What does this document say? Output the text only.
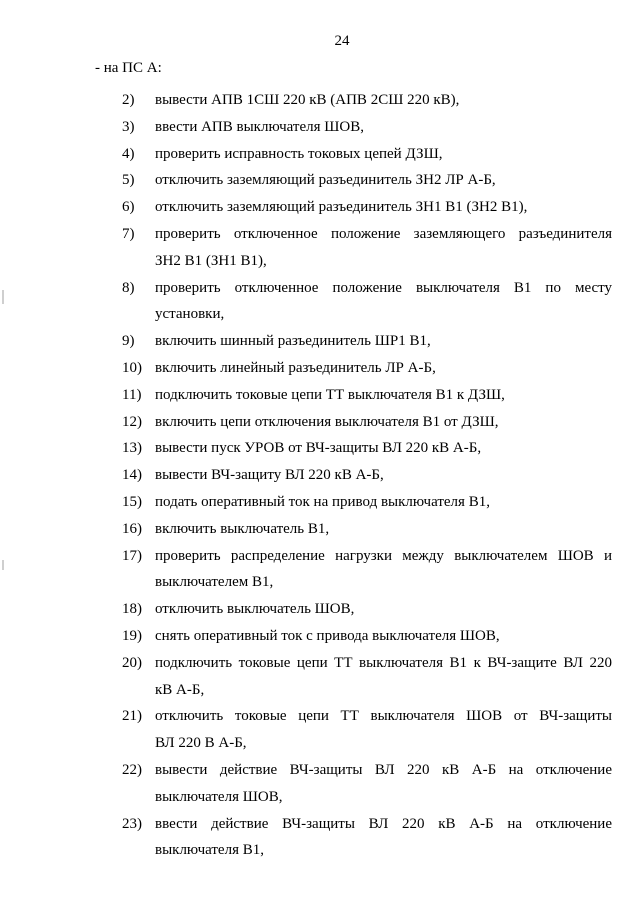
24
- на ПС А:
2)	вывести АПВ 1СШ 220 кВ (АПВ 2СШ 220 кВ),
3)	ввести АПВ выключателя ШОВ,
4)	проверить исправность токовых цепей ДЗШ,
5)	отключить заземляющий разъединитель ЗН2 ЛР А-Б,
6)	отключить заземляющий разъединитель ЗН1 В1 (ЗН2 В1),
7)	проверить отключенное положение заземляющего разъединителя
ЗН2 В1 (ЗН1 В1),
8)	проверить отключенное положение выключателя В1 по месту
установки,
9)	включить шинный разъединитель ШР1 В1,
10) включить линейный разъединитель ЛР А-Б,
11) подключить токовые цепи ТТ выключателя В1 к ДЗШ,
12) включить цепи отключения выключателя В1 от ДЗШ,
13) вывести пуск УРОВ от ВЧ-защиты ВЛ 220 кВ А-Б,
14) вывести ВЧ-защиту ВЛ 220 кВ А-Б,
15) подать оперативный ток на привод выключателя В1,
16) включить выключатель В1,
17) проверить распределение нагрузки между выключателем ШОВ и
выключателем В1,
18) отключить выключатель ШОВ,
19) снять оперативный ток с привода выключателя ШОВ,
20) подключить токовые цепи ТТ выключателя В1 к ВЧ-защите ВЛ 220
кВ А-Б,
21) отключить токовые цепи ТТ выключателя ШОВ от ВЧ-защиты
ВЛ 220 В А-Б,
22) вывести действие ВЧ-защиты ВЛ 220 кВ А-Б на отключение
выключателя ШОВ,
23) ввести действие ВЧ-защиты ВЛ 220 кВ А-Б на отключение
выключателя В1,
